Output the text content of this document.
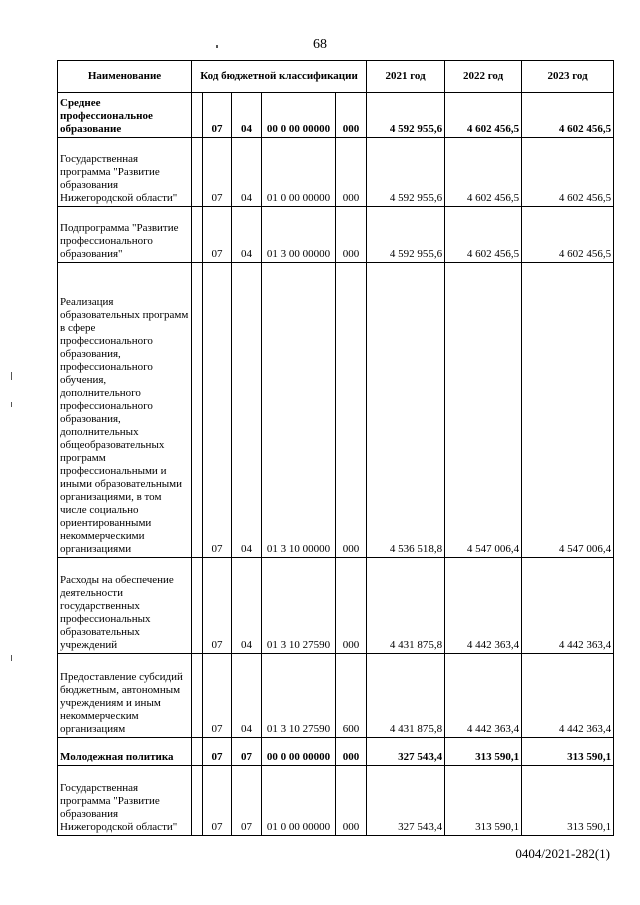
68
Наименование	Код бюджетной классификации					2021 год	2022 год	2023 год
Среднее профессиональное образование		07	04	00 0 00 00000	000	4 592 955,6	4 602 456,5	4 602 456,5
Государственная программа "Развитие образования Нижегородской области"		07	04	01 0 00 00000	000	4 592 955,6	4 602 456,5	4 602 456,5
Подпрограмма "Развитие профессионального образования"		07	04	01 3 00 00000	000	4 592 955,6	4 602 456,5	4 602 456,5
Реализация образовательных программ в сфере профессионального образования, профессионального обучения, дополнительного профессионального образования, дополнительных общеобразовательных программ профессиональными и иными образовательными организациями, в том числе социально ориентированными некоммерческими организациями		07	04	01 3 10 00000	000	4 536 518,8	4 547 006,4	4 547 006,4
Расходы на обеспечение деятельности государственных профессиональных образовательных учреждений		07	04	01 3 10 27590	000	4 431 875,8	4 442 363,4	4 442 363,4
Предоставление субсидий бюджетным, автономным учреждениям и иным некоммерческим организациям		07	04	01 3 10 27590	600	4 431 875,8	4 442 363,4	4 442 363,4
Молодежная политика		07	07	00 0 00 00000	000	327 543,4	313 590,1	313 590,1
Государственная программа "Развитие образования Нижегородской области"		07	07	01 0 00 00000	000	327 543,4	313 590,1	313 590,1
0404/2021-282(1)
